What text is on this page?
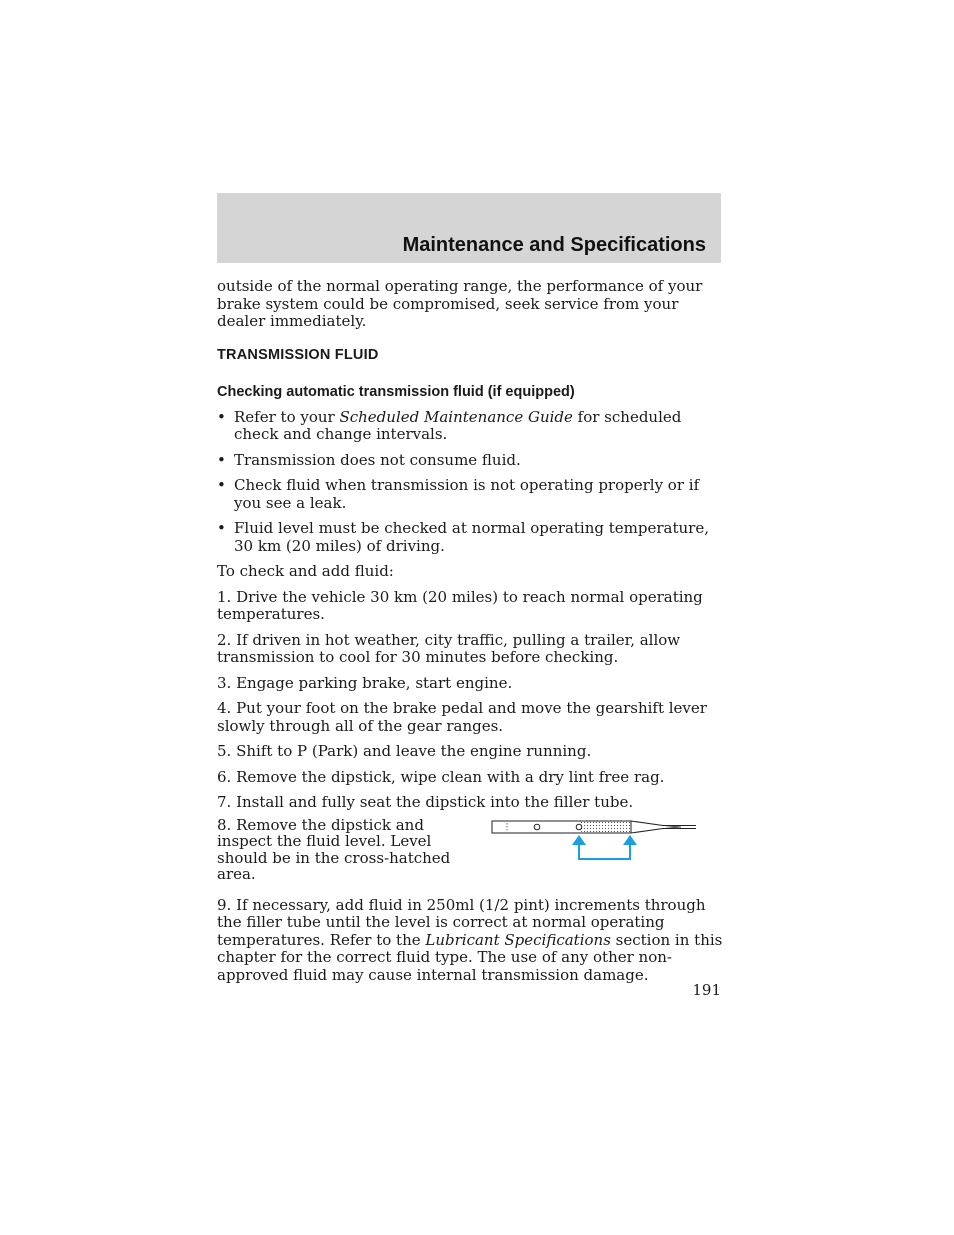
Maintenance and Specifications

outside of the normal operating range, the performance of your brake system could be compromised, seek service from your dealer immediately.

TRANSMISSION FLUID
Checking automatic transmission fluid (if equipped)
• Refer to your Scheduled Maintenance Guide for scheduled check and change intervals.
• Transmission does not consume fluid.
• Check fluid when transmission is not operating properly or if you see a leak.
• Fluid level must be checked at normal operating temperature, 30 km (20 miles) of driving.

To check and add fluid:

1. Drive the vehicle 30 km (20 miles) to reach normal operating temperatures.

2. If driven in hot weather, city traffic, pulling a trailer, allow transmission to cool for 30 minutes before checking.

3. Engage parking brake, start engine.

4. Put your foot on the brake pedal and move the gearshift lever slowly through all of the gear ranges.

5. Shift to P (Park) and leave the engine running.

6. Remove the dipstick, wipe clean with a dry lint free rag.

7. Install and fully seat the dipstick into the filler tube.

8. Remove the dipstick and inspect the fluid level. Level should be in the cross-hatched area.

9. If necessary, add fluid in 250ml (1/2 pint) increments through the filler tube until the level is correct at normal operating temperatures. Refer to the Lubricant Specifications section in this chapter for the correct fluid type. The use of any other non-approved fluid may cause internal transmission damage.

191
